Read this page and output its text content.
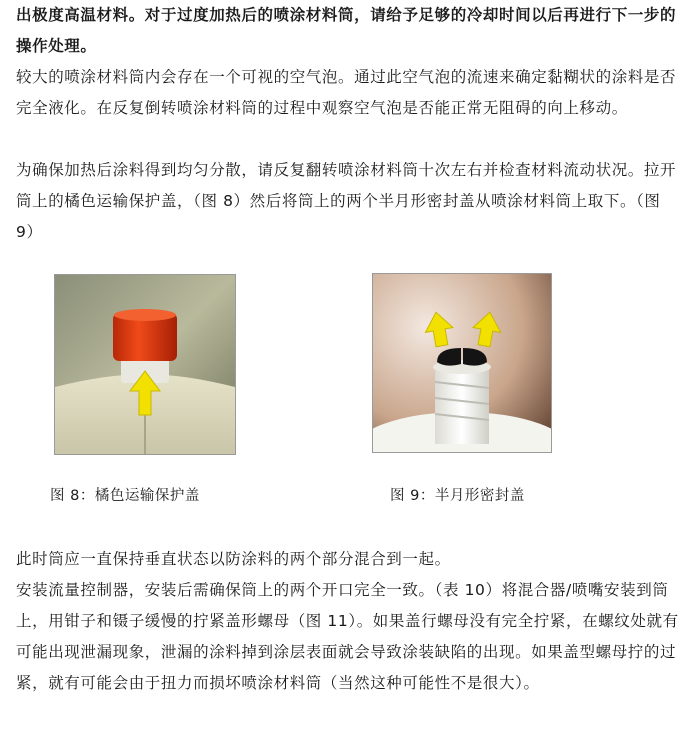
出极度高温材料。对于过度加热后的喷涂材料筒，请给予足够的冷却时间以后再进行下一步的操作处理。

较大的喷涂材料筒内会存在一个可视的空气泡。通过此空气泡的流速来确定黏糊状的涂料是否完全液化。在反复倒转喷涂材料筒的过程中观察空气泡是否能正常无阻碍的向上移动。

为确保加热后涂料得到均匀分散，请反复翻转喷涂材料筒十次左右并检查材料流动状况。拉开筒上的橘色运输保护盖，（图 8）然后将筒上的两个半月形密封盖从喷涂材料筒上取下。（图 9）

图 8：橘色运输保护盖	图 9：半月形密封盖

此时筒应一直保持垂直状态以防涂料的两个部分混合到一起。

安装流量控制器，安装后需确保筒上的两个开口完全一致。（表 10）将混合器/喷嘴安装到筒上，用钳子和镊子缓慢的拧紧盖形螺母（图 11）。如果盖行螺母没有完全拧紧，在螺纹处就有可能出现泄漏现象，泄漏的涂料掉到涂层表面就会导致涂装缺陷的出现。如果盖型螺母拧的过紧，就有可能会由于扭力而损坏喷涂材料筒（当然这种可能性不是很大）。
